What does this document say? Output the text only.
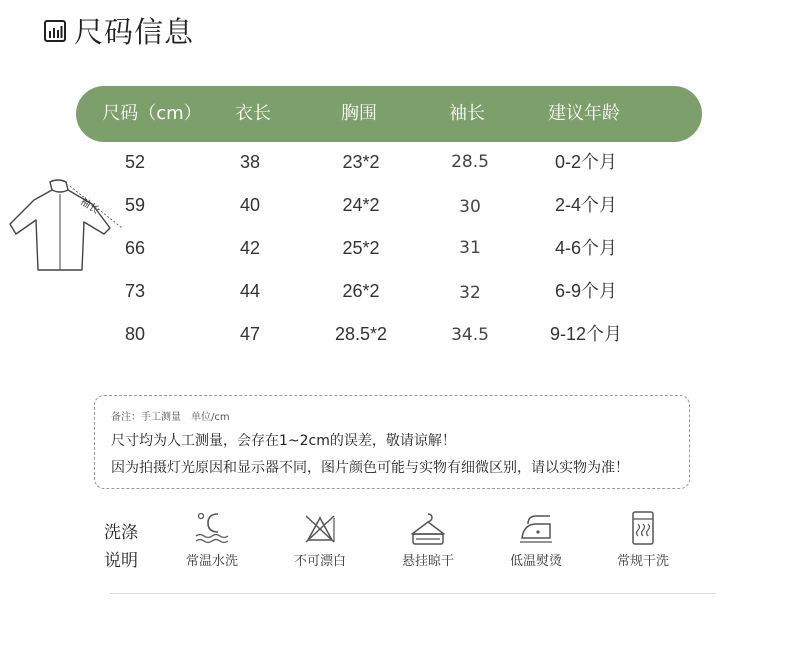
尺码信息
尺码（cm） 衣长	胸围	袖长	建议年龄
袖长
52	38	23*2	28.5	0-2个月
59	40	24*2	30	2-4个月
66	42	25*2	31	4-6个月
73	44	26*2	32	6-9个月
80	47	28.5*2	34.5	9-12个月
备注：手工测量　单位/cm
尺寸均为人工测量，会存在1~2cm的误差，敬请谅解！
因为拍摄灯光原因和显示器不同，图片颜色可能与实物有细微区别，请以实物为准！
洗涤
说明	常温水洗	不可漂白	悬挂晾干	低温熨烫	常规干洗
